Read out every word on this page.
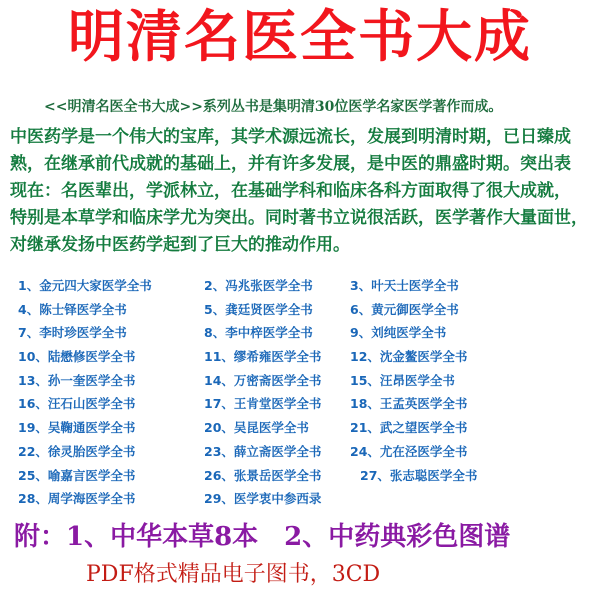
明清名医全书大成
<<明清名医全书大成>>系列丛书是集明清30位医学名家医学著作而成。
中医药学是一个伟大的宝库，其学术源远流长，发展到明清时期，已日臻成
熟，在继承前代成就的基础上，并有许多发展，是中医的鼎盛时期。突出表
现在：名医辈出，学派林立，在基础学科和临床各科方面取得了很大成就，
特别是本草学和临床学尤为突出。同时著书立说很活跃，医学著作大量面世，
对继承发扬中医药学起到了巨大的推动作用。
1、金元四大家医学全书	2、冯兆张医学全书	3、叶天士医学全书
4、陈士铎医学全书	5、龚廷贤医学全书	6、黄元御医学全书
7、李时珍医学全书	8、李中梓医学全书	9、刘纯医学全书
10、陆懋修医学全书	11、缪希雍医学全书 12、沈金鳌医学全书
13、孙一奎医学全书	14、万密斋医学全书 15、汪昂医学全书
16、汪石山医学全书	17、王肯堂医学全书 18、王孟英医学全书
19、吴鞠通医学全书	20、吴昆医学全书	21、武之望医学全书
22、徐灵胎医学全书	23、薛立斋医学全书 24、尤在泾医学全书
25、喻嘉言医学全书	26、张景岳医学全书	27、张志聪医学全书
28、周学海医学全书	29、医学衷中参西录
附：1、中华本草8本　2、中药典彩色图谱
PDF格式精品电子图书，3CD
